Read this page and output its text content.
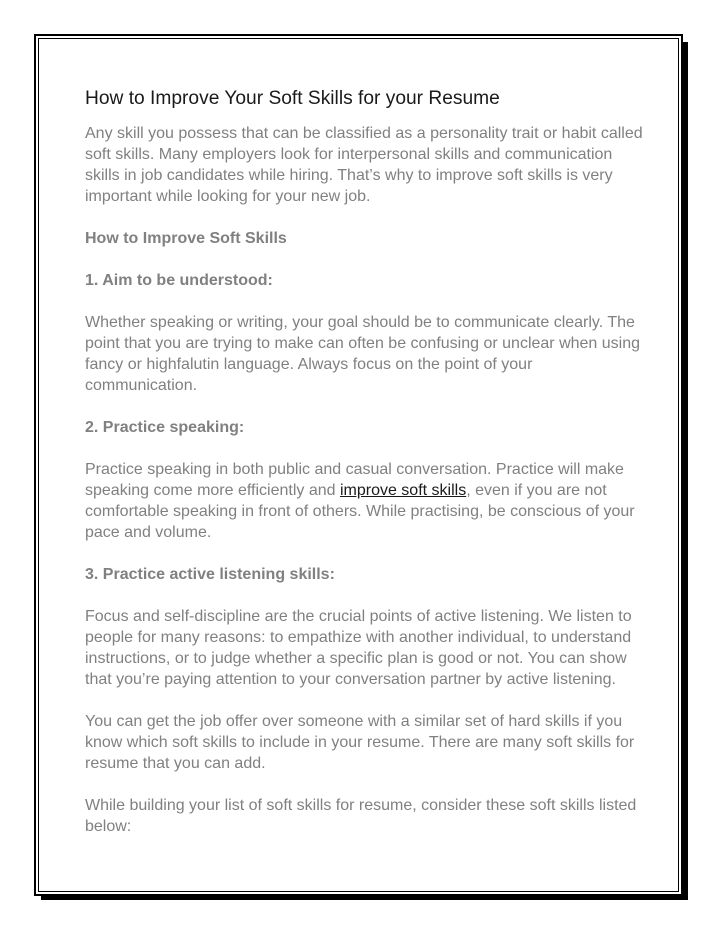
How to Improve Your Soft Skills for your Resume

Any skill you possess that can be classified as a personality trait or habit called soft skills. Many employers look for interpersonal skills and communication skills in job candidates while hiring. That’s why to improve soft skills is very important while looking for your new job.

How to Improve Soft Skills

1. Aim to be understood:

Whether speaking or writing, your goal should be to communicate clearly. The point that you are trying to make can often be confusing or unclear when using fancy or highfalutin language. Always focus on the point of your communication.

2. Practice speaking:

Practice speaking in both public and casual conversation. Practice will make speaking come more efficiently and improve soft skills, even if you are not comfortable speaking in front of others. While practising, be conscious of your pace and volume.

3. Practice active listening skills:

Focus and self-discipline are the crucial points of active listening. We listen to people for many reasons: to empathize with another individual, to understand instructions, or to judge whether a specific plan is good or not. You can show that you’re paying attention to your conversation partner by active listening.

You can get the job offer over someone with a similar set of hard skills if you know which soft skills to include in your resume. There are many soft skills for resume that you can add.

While building your list of soft skills for resume, consider these soft skills listed below:
